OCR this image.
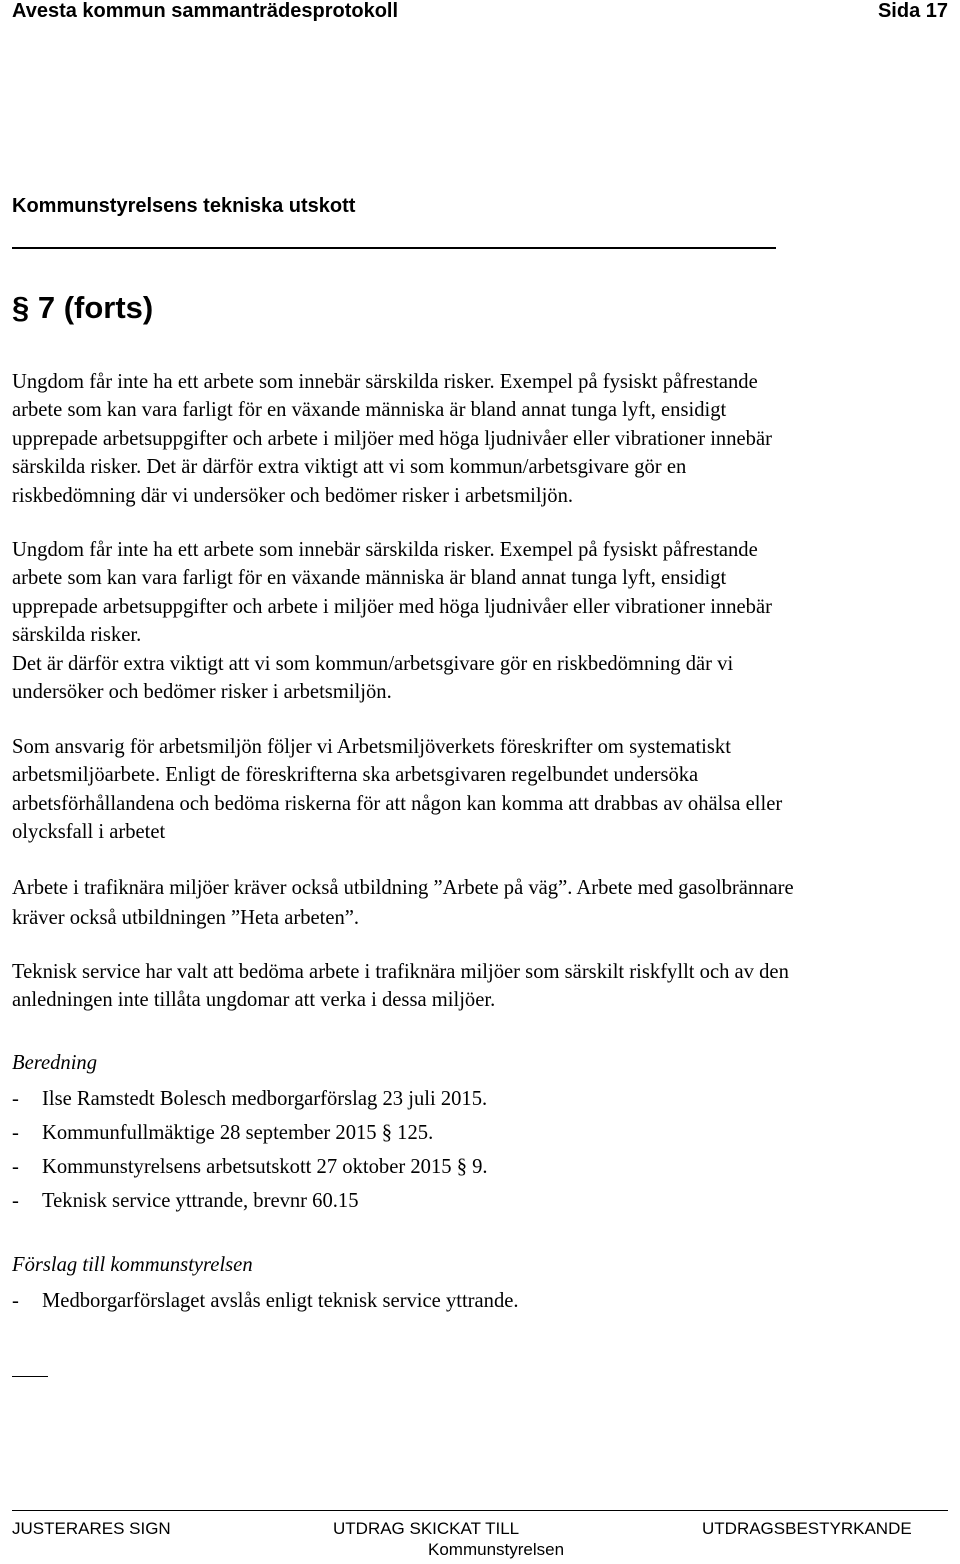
Avesta kommun sammanträdesprotokoll	Sida 17
Kommunstyrelsens tekniska utskott
§ 7 (forts)

Ungdom får inte ha ett arbete som innebär särskilda risker. Exempel på fysiskt påfrestande

arbete som kan vara farligt för en växande människa är bland annat tunga lyft, ensidigt

upprepade arbetsuppgifter och arbete i miljöer med höga ljudnivåer eller vibrationer innebär

särskilda risker. Det är därför extra viktigt att vi som kommun/arbetsgivare gör en

riskbedömning där vi undersöker och bedömer risker i arbetsmiljön.

Ungdom får inte ha ett arbete som innebär särskilda risker. Exempel på fysiskt påfrestande

arbete som kan vara farligt för en växande människa är bland annat tunga lyft, ensidigt

upprepade arbetsuppgifter och arbete i miljöer med höga ljudnivåer eller vibrationer innebär

särskilda risker.

Det är därför extra viktigt att vi som kommun/arbetsgivare gör en riskbedömning där vi

undersöker och bedömer risker i arbetsmiljön.

Som ansvarig för arbetsmiljön följer vi Arbetsmiljöverkets föreskrifter om systematiskt

arbetsmiljöarbete. Enligt de föreskrifterna ska arbetsgivaren regelbundet undersöka

arbetsförhållandena och bedöma riskerna för att någon kan komma att drabbas av ohälsa eller

olycksfall i arbetet

Arbete i trafiknära miljöer kräver också utbildning ”Arbete på väg”. Arbete med gasolbrännare

kräver också utbildningen ”Heta arbeten”.

Teknisk service har valt att bedöma arbete i trafiknära miljöer som särskilt riskfyllt och av den

anledningen inte tillåta ungdomar att verka i dessa miljöer.

Beredning
- Ilse Ramstedt Bolesch medborgarförslag 23 juli 2015.
- Kommunfullmäktige 28 september 2015 § 125.
- Kommunstyrelsens arbetsutskott 27 oktober 2015 § 9.
- Teknisk service yttrande, brevnr 60.15
Förslag till kommunstyrelsen
- Medborgarförslaget avslås enligt teknisk service yttrande.
JUSTERARES SIGN	UTDRAG SKICKAT TILL
Kommunstyrelsen
UTDRAGSBESTYRKANDE
